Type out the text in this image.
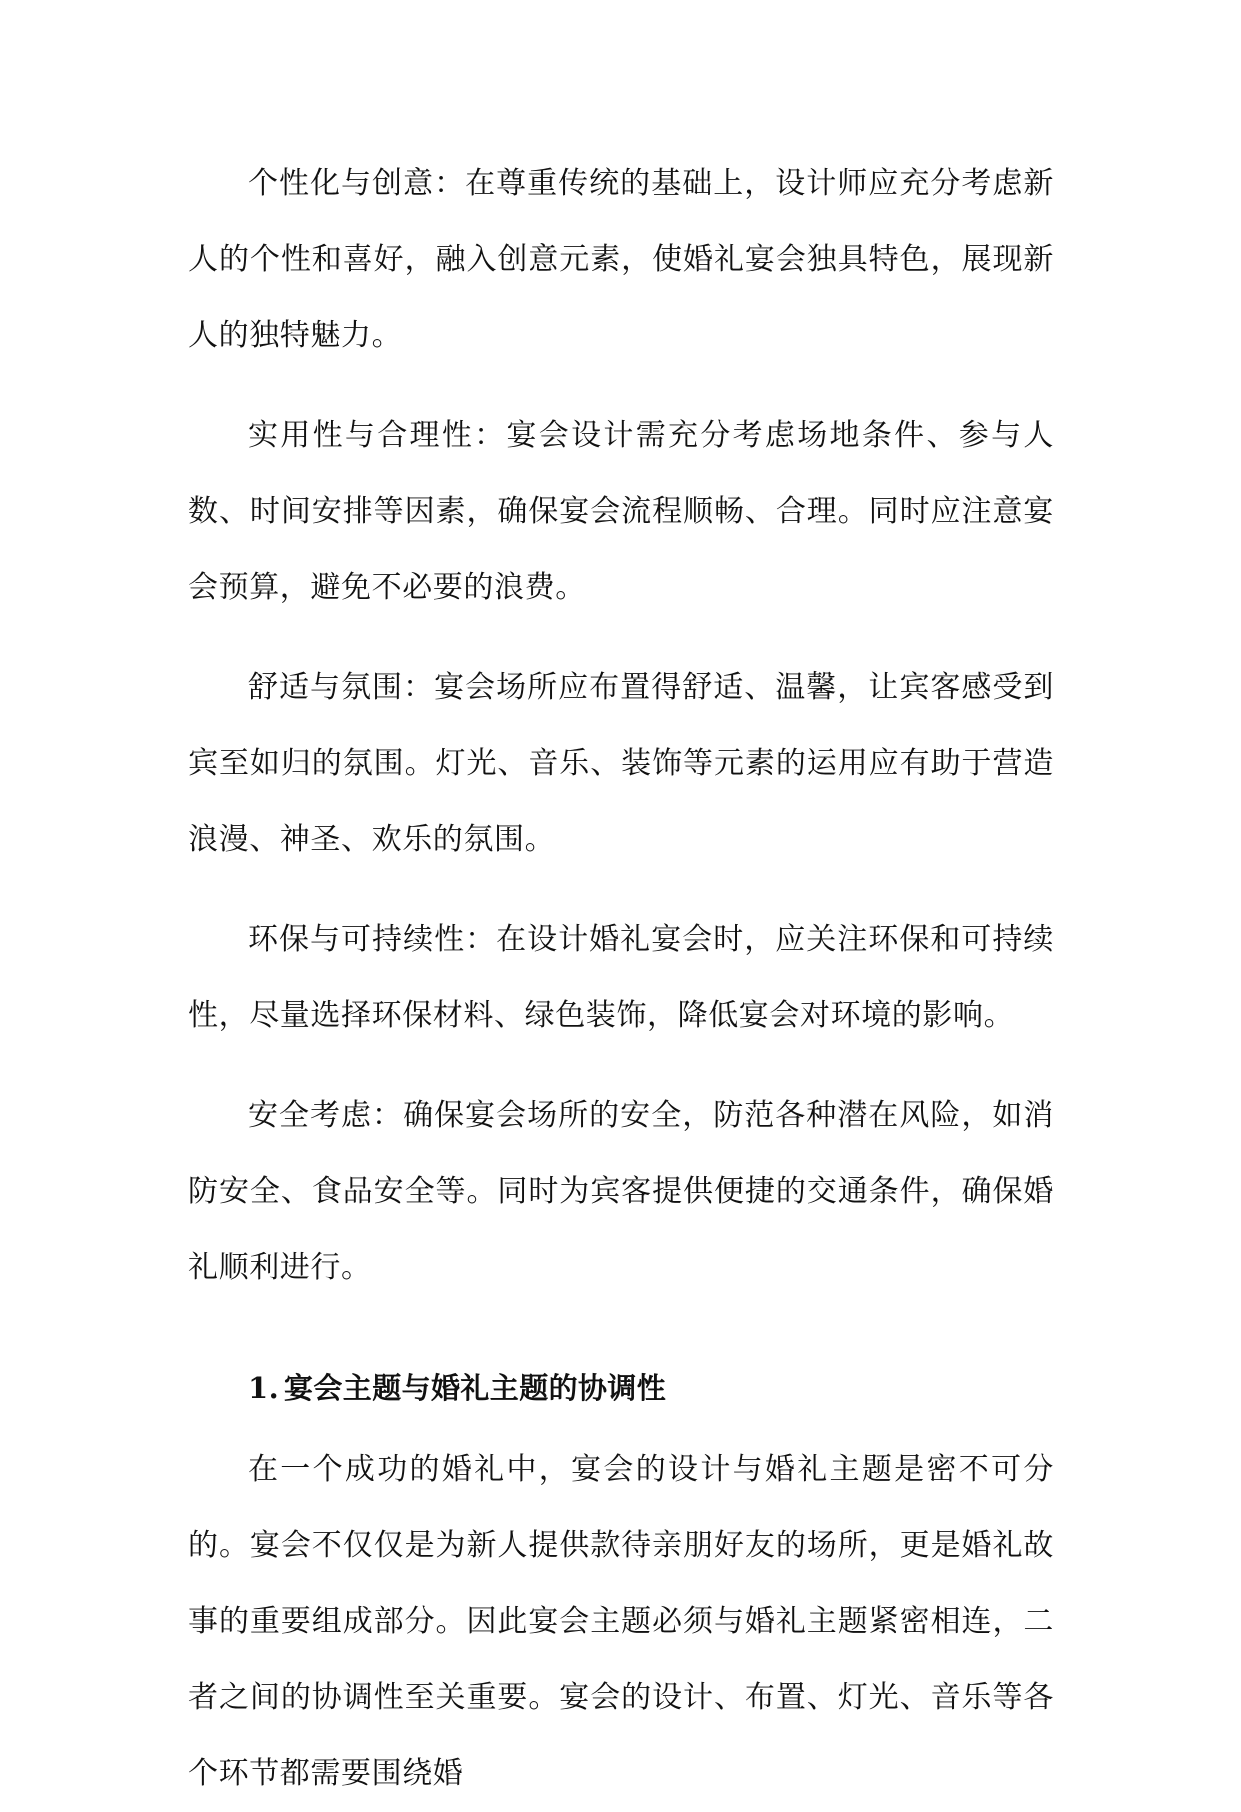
个性化与创意：在尊重传统的基础上，设计师应充分考虑新人的个性和喜好，融入创意元素，使婚礼宴会独具特色，展现新人的独特魅力。

实用性与合理性：宴会设计需充分考虑场地条件、参与人数、时间安排等因素，确保宴会流程顺畅、合理。同时应注意宴会预算，避免不必要的浪费。

舒适与氛围：宴会场所应布置得舒适、温馨，让宾客感受到宾至如归的氛围。灯光、音乐、装饰等元素的运用应有助于营造浪漫、神圣、欢乐的氛围。

环保与可持续性：在设计婚礼宴会时，应关注环保和可持续性，尽量选择环保材料、绿色装饰，降低宴会对环境的影响。

安全考虑：确保宴会场所的安全，防范各种潜在风险，如消防安全、食品安全等。同时为宾客提供便捷的交通条件，确保婚礼顺利进行。

1. 宴会主题与婚礼主题的协调性

在一个成功的婚礼中，宴会的设计与婚礼主题是密不可分的。宴会不仅仅是为新人提供款待亲朋好友的场所，更是婚礼故事的重要组成部分。因此宴会主题必须与婚礼主题紧密相连，二者之间的协调性至关重要。宴会的设计、布置、灯光、音乐等各个环节都需要围绕婚
